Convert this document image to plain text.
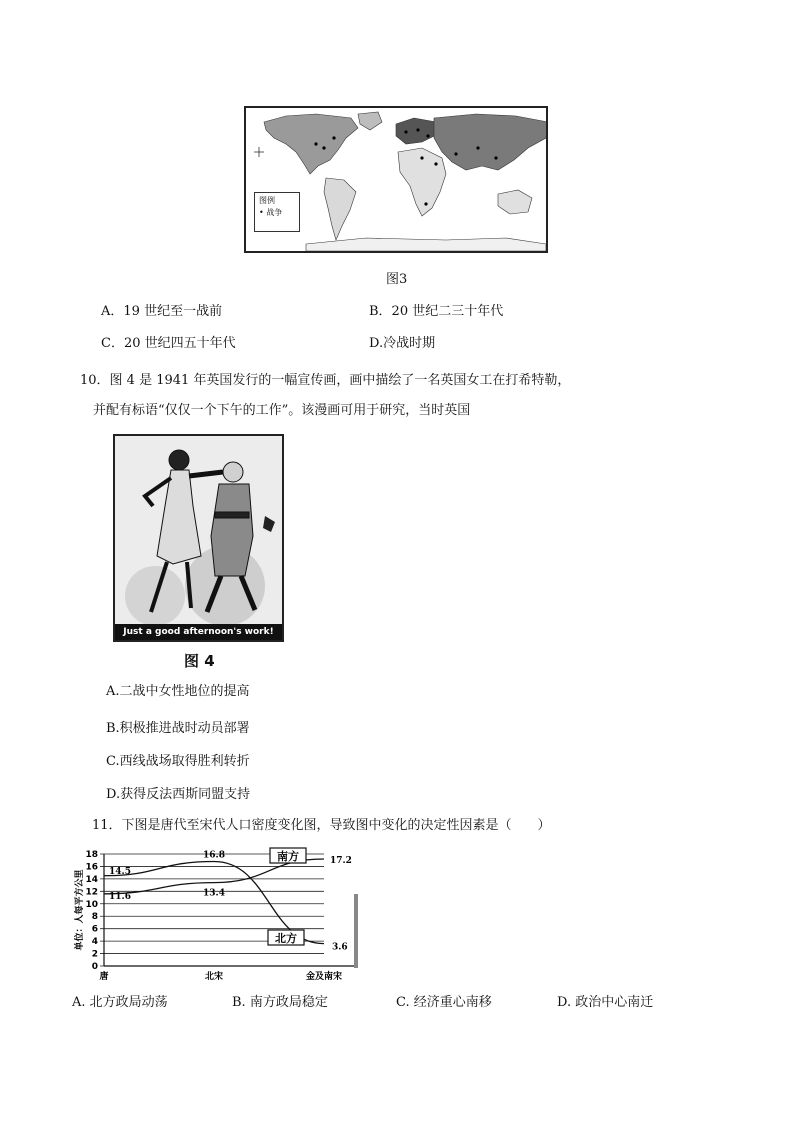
图例
• 战争
图3
A．19 世纪至一战前	B．20 世纪二三十年代
C．20 世纪四五十年代	D.冷战时期
10．图 4 是 1941 年英国发行的一幅宣传画，画中描绘了一名英国女工在打希特勒，
并配有标语“仅仅一个下午的工作”。该漫画可用于研究，当时英国
Just a good afternoon's work!
图 4
A.二战中女性地位的提高
B.积极推进战时动员部署
C.西线战场取得胜利转折
D.获得反法西斯同盟支持
11．下图是唐代至宋代人口密度变化图，导致图中变化的决定性因素是（　　）
0
2
4
6
8
10
12
14
16
18
单位：人每平方公里
唐	北宋	金及南宋
11.6	13.4
17.2
14.5
16.8
3.6
南方
北方
A. 北方政局动荡	B. 南方政局稳定	C. 经济重心南移	D. 政治中心南迁
